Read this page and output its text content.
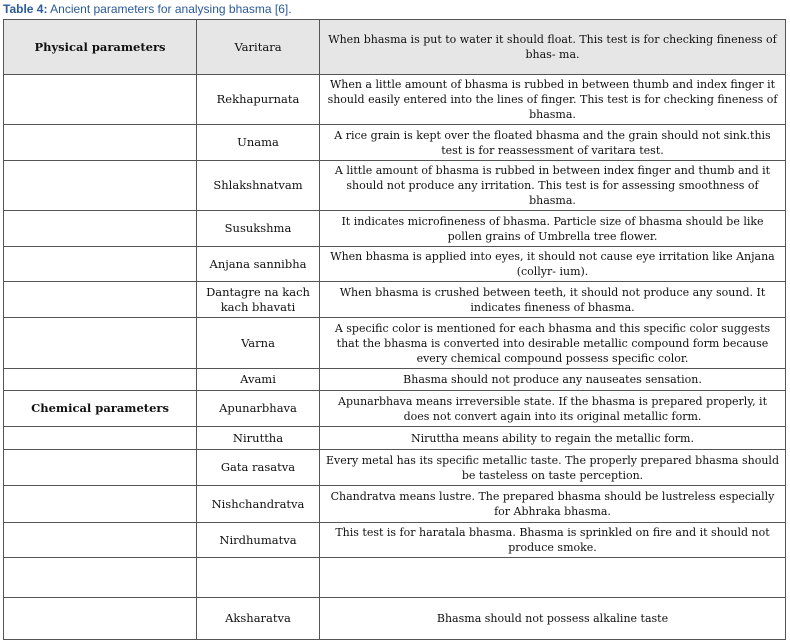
Table 4: Ancient parameters for analysing bhasma [6].
Physical parameters	Varitara	When bhasma is put to water it should float. This test is for checking fineness of bhas- ma.
	Rekhapurnata	When a little amount of bhasma is rubbed in between thumb and index finger it should easily entered into the lines of finger. This test is for checking fineness of bhasma.
	Unama	A rice grain is kept over the floated bhasma and the grain should not sink.this test is for reassessment of varitara test.
	Shlakshnatvam	A little amount of bhasma is rubbed in between index finger and thumb and it should not produce any irritation. This test is for assessing smoothness of bhasma.
	Susukshma	It indicates microfineness of bhasma. Particle size of bhasma should be like pollen grains of Umbrella tree flower.
	Anjana sannibha	When bhasma is applied into eyes, it should not cause eye irritation like Anjana (collyr- ium).
	Dantagre na kach kach bhavati	When bhasma is crushed between teeth, it should not produce any sound. It indicates fineness of bhasma.
	Varna	A specific color is mentioned for each bhasma and this specific color suggests that the bhasma is converted into desirable metallic compound form because every chemical compound possess specific color.
	Avami	Bhasma should not produce any nauseates sensation.
Chemical parameters	Apunarbhava	Apunarbhava means irreversible state. If the bhasma is prepared properly, it does not convert again into its original metallic form.
	Niruttha	Niruttha means ability to regain the metallic form.
	Gata rasatva	Every metal has its specific metallic taste. The properly prepared bhasma should be tasteless on taste perception.
	Nishchandratva	Chandratva means lustre. The prepared bhasma should be lustreless especially for Abhraka bhasma.
	Nirdhumatva	This test is for haratala bhasma. Bhasma is sprinkled on fire and it should not produce smoke.

	Aksharatva	Bhasma should not possess alkaline taste
